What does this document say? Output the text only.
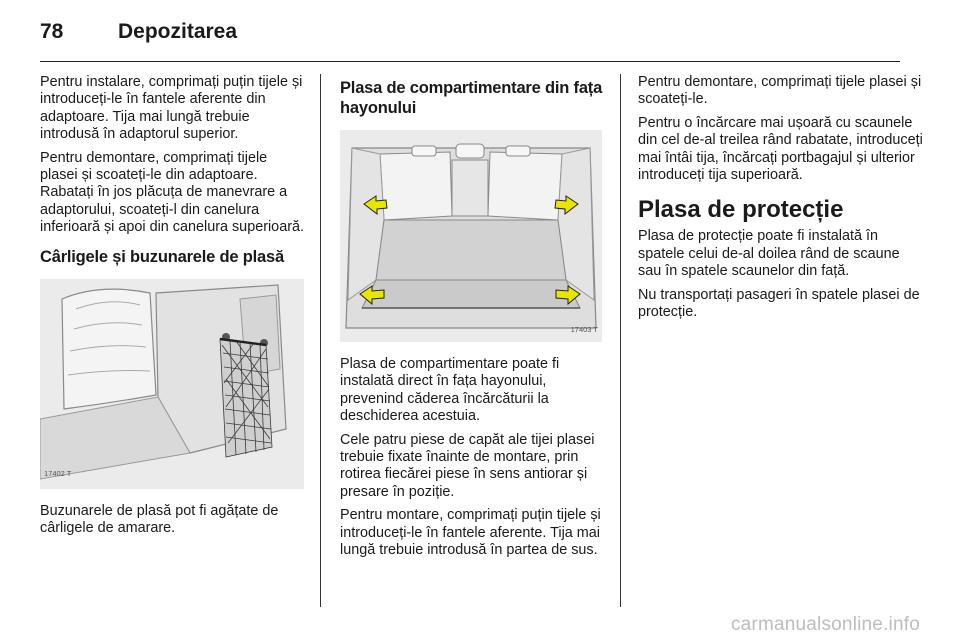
78	Depozitarea

Pentru instalare, comprimați puțin tijele și introduceți-le în fantele aferente din adaptoare. Tija mai lungă trebuie introdusă în adaptorul superior.

Pentru demontare, comprimați tijele plasei și scoateți-le din adaptoare. Rabatați în jos plăcuța de manevrare a adaptorului, scoateți-l din canelura inferioară și apoi din canelura superioară.

Cârligele și buzunarele de plasă
17402 T

Buzunarele de plasă pot fi agățate de cârligele de amarare.

Plasa de compartimentare din fața hayonului
17403 T

Plasa de compartimentare poate fi instalată direct în fața hayonului, prevenind căderea încărcăturii la deschiderea acestuia.

Cele patru piese de capăt ale tijei plasei trebuie fixate înainte de montare, prin rotirea fiecărei piese în sens antiorar și presare în poziție.

Pentru montare, comprimați puțin tijele și introduceți-le în fantele aferente. Tija mai lungă trebuie introdusă în partea de sus.

Pentru demontare, comprimați tijele plasei și scoateți-le.

Pentru o încărcare mai ușoară cu scaunele din cel de-al treilea rând rabatate, introduceți mai întâi tija, încărcați portbagajul și ulterior introduceți tija superioară.

Plasa de protecție

Plasa de protecție poate fi instalată în spatele celui de-al doilea rând de scaune sau în spatele scaunelor din față.

Nu transportați pasageri în spatele plasei de protecție.

carmanualsonline.info
